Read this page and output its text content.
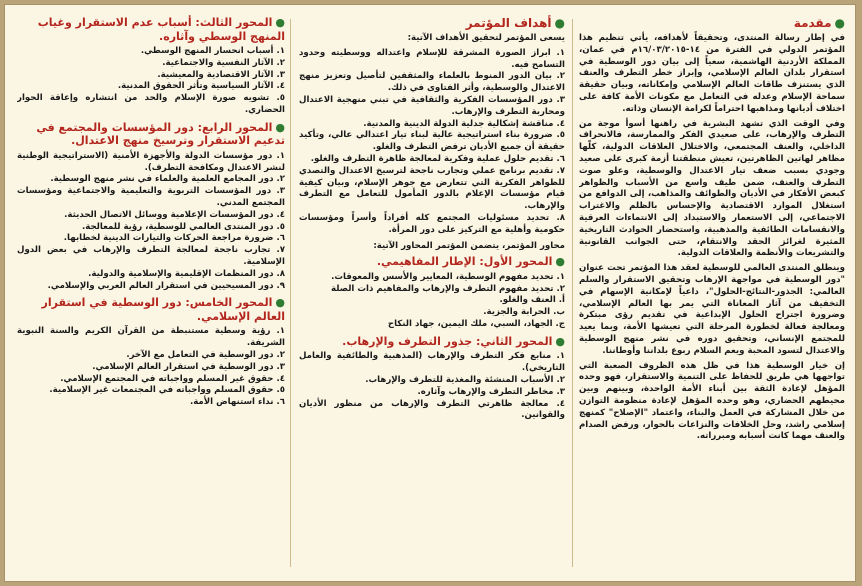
●مقدمة

في إطار رسالة المنتدى، وتحقيقاً لأهدافه، يأتي تنظيم هذا المؤتمر الدولي في الفترة من ١٤-١٦/٠٣/٢٠١٥م في عمان، المملكة الأردنية الهاشمية، سعياً إلى بيان دور الوسطية في استقرار بلدان العالم الإسلامي، وإبراز خطر التطرف والعنف الذي يستنزف طاقات العالم الإسلامي وإمكاناته، وبيان حقيقة سماحة الإسلام وعدله في التعامل مع مكونات الأمة كافة على اختلاف أديانها ومذاهبها احتراماً لكرامة الإنسان وذاته.

وفي الوقت الذي تشهد البشرية في راهنها أسوأ موجة من التطرف والإرهاب، على صعيدي الفكر والممارسة، فالانحراف الداخلي، والعنف المجتمعي، والاختلال العلاقات الدولية، كلّها مظاهر لهاتين الظاهرتين، تعيش منطقتنا أزمة كبرى على صعيد وجودي بسبب ضعف تيار الاعتدال والوسطية، وعلو صوت التطرف والعنف، ضمن طيف واسع من الأسباب والظواهر كبعض الأفكار في الأديان والطوائف والمذاهب، إلى الدوافع من استغلال الموارد الاقتصادية والإحساس بالظلم والاغتراب الاجتماعي، إلى الاستعمار والاستبداد إلى الانتماءات العرقية والانقسامات الطائفية والمذهبية، واستحضار الحوادث التاريخية المثيرة لغرائز الحقد والانتقام، حتى الجوانب القانونية والتشريعات والأنظمة والعلاقات الدولية.

وينطلق المنتدى العالمي للوسطية لعقد هذا المؤتمر تحت عنوان "دور الوسطية في مواجهة الإرهاب وتحقيق الاستقرار والسلم العالمي: الجذور-النتائج-الحلول"، داعياً لإمكانية الإسهام في التخفيف من آثار المعاناة التي يمر بها العالم الإسلامي، وضرورة اجتراح الحلول الإبداعية في تقديم رؤى مبتكرة ومعالجة فعالة لخطورة المرحلة التي تعيشها الأمة، وبما يعيد للمجتمع الإنساني، وتحقيق دوره في نشر منهج الوسطية والاعتدال لتسود المحبة ويعم السلام ربوع بلداننا وأوطاننا.

إن خيار الوسطية هذا في ظل هذه الظروف الصعبة التي تواجهها هي طريق للحفاظ على التنمية والاستقرار، فهو وحده المؤهل لإعادة الثقة بين أبناء الأمة الواحدة، وبينهم وبين محيطهم الحضاري، وهو وحده المؤهل لإعادة منظومة التوازن من خلال المشاركة في العمل والبناء، واعتماد "الإصلاح" كمنهج إسلامي راشد، وحل الخلافات والنزاعات بالحوار، ورفض الصدام والعنف مهما كانت أسبابه ومبرراته.

●أهداف المؤتمر

يسعى المؤتمر لتحقيق الأهداف الآتية:

١. ابراز الصورة المشرقة للإسلام واعتداله ووسطيته وحدود التسامح فيه.
٢. بيان الدور المنوط بالعلماء والمثقفين لتأصيل وتعزيز منهج الاعتدال والوسطية، وأثر الفتاوى في ذلك.
٣. دور المؤسسات الفكرية والثقافية في تبني منهجية الاعتدال ومحاربة التطرف والإرهاب.
٤. مناقشة إشكالية جدلية الدولة الدينية والمدنية.
٥. ضرورة بناء استراتيجية عالية لبناء تيار اعتدالي عالي، وتأكيد حقيقة أن جميع الأديان ترفض التطرف والغلو.
٦. تقديم حلول عملية وفكرية لمعالجة ظاهرة التطرف والغلو.
٧. تقديم برنامج عملي وتجارب ناجحة لترسيخ الاعتدال والتصدي للظواهر الفكرية التي تتعارض مع جوهر الإسلام، وبيان كيفية قيام مؤسسات الإعلام بالدور المأمول للتعامل مع التطرف والإرهاب.
٨. تحديد مسئوليات المجتمع كله أفراداً وأسراً ومؤسسات حكومية وأهلية مع التركيز على دور المرأة.

محاور المؤتمر، يتضمن المؤتمر المحاور الآتية:

●المحور الأول: الإطار المفاهيمي.
١. تحديد مفهوم الوسطية، المعايير والأسس والمعوقات.
٢. تحديد مفهوم التطرف والإرهاب والمفاهيم ذات الصلة
أ. العنف والغلو.
ب. الحرابة والجزية.
ج. الجهاد، السبي، ملك اليمين، جهاد النكاح
●المحور الثاني: جذور التطرف والإرهاب.
١. منابع فكر التطرف والإرهاب (المذهبية والطائفية والعامل التاريخي).
٢. الأسباب المنشئة والمغذية للتطرف والإرهاب.
٣. مخاطر التطرف والإرهاب وآثاره.
٤. معالجة ظاهرتي التطرف والإرهاب من منظور الأديان والقوانين.
●المحور الثالث: أسباب عدم الاستقرار وغياب المنهج الوسطي وآثاره.
١. أسباب انحسار المنهج الوسطي.
٢. الآثار النفسية والاجتماعية.
٣. الآثار الاقتصادية والمعيشية.
٤. الآثار السياسية وتأثر الحقوق المدنية.
٥. تشويه صورة الإسلام والحد من انتشاره وإعاقة الحوار الحضاري.
●المحور الرابع: دور المؤسسات والمجتمع في تدعيم الاستقرار وترسيخ منهج الاعتدال.
١. دور مؤسسات الدولة والأجهزة الأمنية (الاستراتيجية الوطنية لنشر الاعتدال ومكافحة التطرف).
٢. دور المجامع العلمية والعلماء في نشر منهج الوسطية.
٣. دور المؤسسات التربوية والتعليمية والاجتماعية ومؤسسات المجتمع المدني.
٤. دور المؤسسات الإعلامية ووسائل الاتصال الحديثة.
٥. دور المنتدى العالمي للوسطية، رؤية للمعالجة.
٦. ضرورة مراجعة الحركات والتيارات الدينية لخطابها.
٧. تجارب ناجحة لمعالجة التطرف والإرهاب في بعض الدول الإسلامية.
٨. دور المنظمات الإقليمية والإسلامية والدولية.
٩. دور المسيحيين في استقرار العالم العربي والإسلامي.
●المحور الخامس: دور الوسطية في استقرار العالم الإسلامي.
١. رؤية وسطية مستنبطة من القرآن الكريم والسنة النبوية الشريفة.
٢. دور الوسطية في التعامل مع الآخر.
٣. دور الوسطية في استقرار العالم الإسلامي.
٤. حقوق غير المسلم وواجباته في المجتمع الإسلامي.
٥. حقوق المسلم وواجباته في المجتمعات غير الإسلامية.
٦. نداء استنهاض الأمة.
